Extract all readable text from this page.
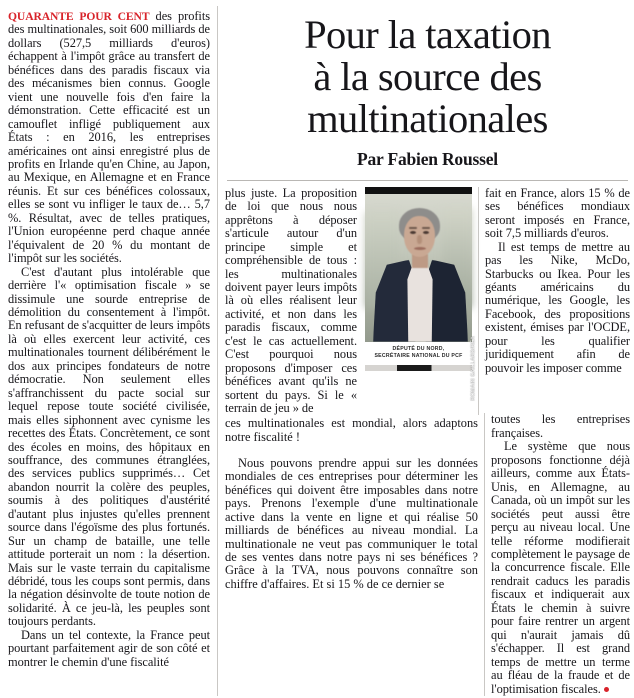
QUARANTE POUR CENT des profits des multinationales, soit 600 milliards de dollars (527,5 milliards d'euros) échappent à l'impôt grâce au transfert de bénéfices dans des paradis fiscaux via des mécanismes bien connus. Google vient une nouvelle fois d'en faire la démonstration. Cette efficacité est un camouflet infligé publiquement aux États : en 2016, les entreprises américaines ont ainsi enregistré plus de profits en Irlande qu'en Chine, au Japon, au Mexique, en Allemagne et en France réunis. Et sur ces bénéfices colossaux, elles se sont vu infliger le taux de… 5,7 %. Résultat, avec de telles pratiques, l'Union européenne perd chaque année l'équivalent de 20 % du montant de l'impôt sur les sociétés.

C'est d'autant plus intolérable que derrière l'« optimisation fiscale » se dissimule une sourde entreprise de démolition du consentement à l'impôt. En refusant de s'acquitter de leurs impôts là où elles exercent leur activité, ces multinationales tournent délibérément le dos aux principes fondateurs de notre démocratie. Non seulement elles s'affranchissent du pacte social sur lequel repose toute société civilisée, mais elles siphonnent avec cynisme les recettes des États. Concrètement, ce sont des écoles en moins, des hôpitaux en souffrance, des communes étranglées, des services publics supprimés… Cet abandon nourrit la colère des peuples, soumis à des politiques d'austérité d'autant plus injustes qu'elles prennent source dans l'égoïsme des plus fortunés. Sur un champ de bataille, une telle attitude porterait un nom : la désertion. Mais sur le vaste terrain du capitalisme débridé, tous les coups sont permis, dans la négation désinvolte de toute notion de solidarité. À ce jeu-là, les peuples sont toujours perdants.

Dans un tel contexte, la France peut pourtant parfaitement agir de son côté et montrer le chemin d'une fiscalité

Pour la taxation
à la source des
multinationales
Par Fabien Roussel

plus juste. La proposition de loi que nous nous apprêtons à déposer s'articule autour d'un principe simple et compréhensible de tous : les multinationales doivent payer leurs impôts là où elles réalisent leur activité, et non dans les paradis fiscaux, comme c'est le cas actuellement. C'est pourquoi nous proposons d'imposer ces bénéfices avant qu'ils ne sortent du pays. Si le « terrain de jeu » de

ROMAIN GAILLARD/RÉA
DÉPUTÉ DU NORD,
SECRÉTAIRE NATIONAL DU PCF

fait en France, alors 15 % de ses bénéfices mondiaux seront imposés en France, soit 7,5 milliards d'euros.

Il est temps de mettre au pas les Nike, McDo, Starbucks ou Ikea. Pour les géants américains du numérique, les Google, les Facebook, des propositions existent, émises par l'OCDE, pour les qualifier juridiquement afin de pouvoir les imposer comme

ces multinationales est mondial, alors adaptons notre fiscalité !

Nous pouvons prendre appui sur les données mondiales de ces entreprises pour déterminer les bénéfices qui doivent être imposables dans notre pays. Prenons l'exemple d'une multinationale active dans la vente en ligne et qui réalise 50 milliards de bénéfices au niveau mondial. La multinationale ne veut pas communiquer le total de ses ventes dans notre pays ni ses bénéfices ? Grâce à la TVA, nous pouvons connaître son chiffre d'affaires. Et si 15 % de ce dernier se

toutes les entreprises françaises.

Le système que nous proposons fonctionne déjà ailleurs, comme aux États-Unis, en Allemagne, au Canada, où un impôt sur les sociétés peut aussi être perçu au niveau local. Une telle réforme modifierait complètement le paysage de la concurrence fiscale. Elle rendrait caducs les paradis fiscaux et indiquerait aux États le chemin à suivre pour faire rentrer un argent qui n'aurait jamais dû s'échapper. Il est grand temps de mettre un terme au fléau de la fraude et de l'optimisation fiscales.
